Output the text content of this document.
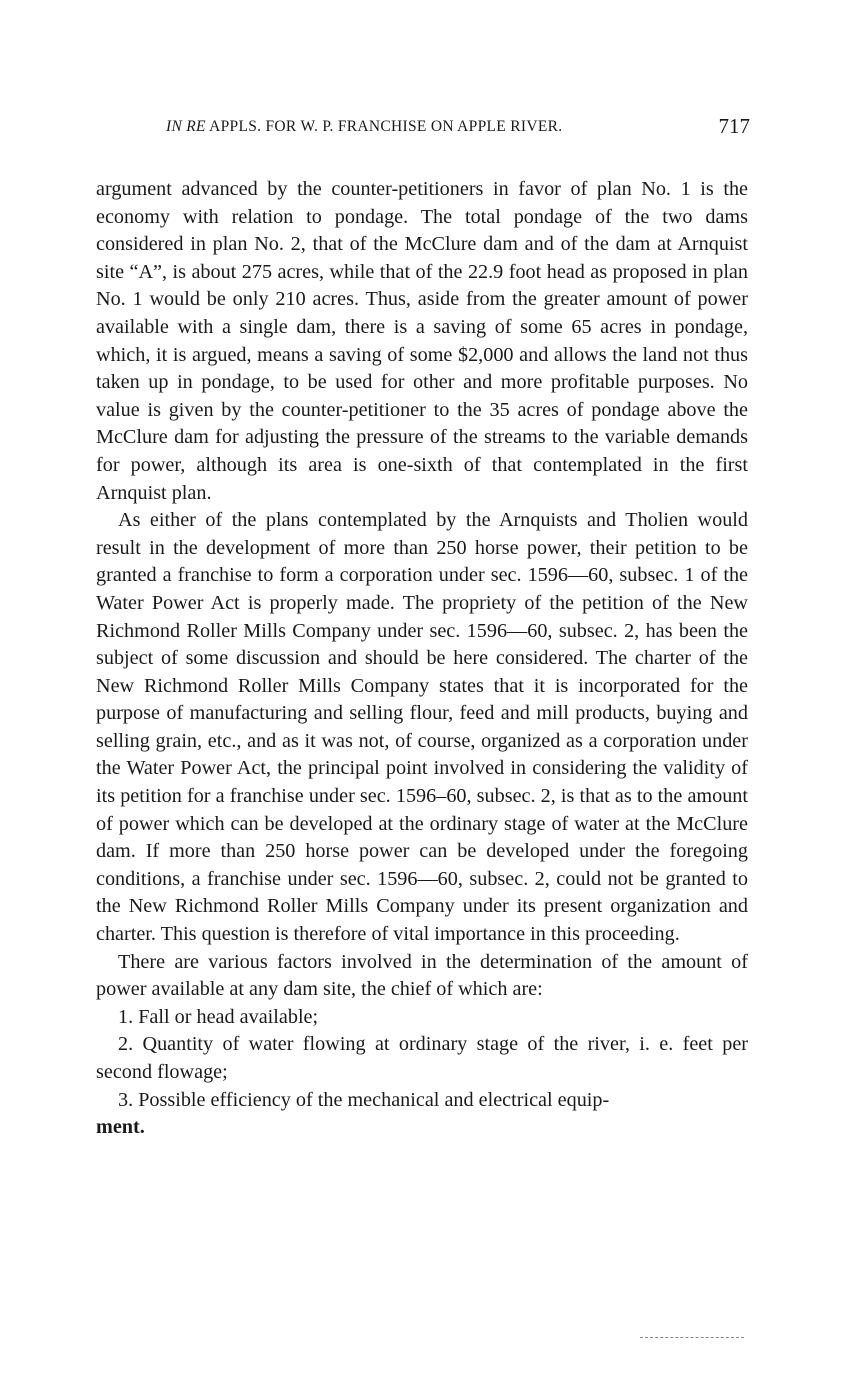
IN RE APPLS. FOR W. P. FRANCHISE ON APPLE RIVER.	717

argument advanced by the counter-petitioners in favor of plan No. 1 is the economy with relation to pondage. The total pondage of the two dams considered in plan No. 2, that of the McClure dam and of the dam at Arnquist site “A”, is about 275 acres, while that of the 22.9 foot head as proposed in plan No. 1 would be only 210 acres. Thus, aside from the greater amount of power available with a single dam, there is a saving of some 65 acres in pondage, which, it is argued, means a saving of some $2,000 and allows the land not thus taken up in pondage, to be used for other and more profitable purposes. No value is given by the counter-petitioner to the 35 acres of pondage above the McClure dam for adjusting the pressure of the streams to the variable demands for power, although its area is one-sixth of that contemplated in the first Arnquist plan.

As either of the plans contemplated by the Arnquists and Tholien would result in the development of more than 250 horse power, their petition to be granted a franchise to form a corporation under sec. 1596—60, subsec. 1 of the Water Power Act is properly made. The propriety of the petition of the New Richmond Roller Mills Company under sec. 1596—60, subsec. 2, has been the subject of some discussion and should be here considered. The charter of the New Richmond Roller Mills Company states that it is incorporated for the purpose of manufacturing and selling flour, feed and mill products, buying and selling grain, etc., and as it was not, of course, organized as a corporation under the Water Power Act, the principal point involved in considering the validity of its petition for a franchise under sec. 1596–60, subsec. 2, is that as to the amount of power which can be developed at the ordinary stage of water at the McClure dam. If more than 250 horse power can be developed under the foregoing conditions, a franchise under sec. 1596—60, subsec. 2, could not be granted to the New Richmond Roller Mills Company under its present organization and charter. This question is therefore of vital importance in this proceeding.

There are various factors involved in the determination of the amount of power available at any dam site, the chief of which are:

1. Fall or head available;

2. Quantity of water flowing at ordinary stage of the river, i. e. feet per second flowage;

3. Possible efficiency of the mechanical and electrical equip-
ment.
